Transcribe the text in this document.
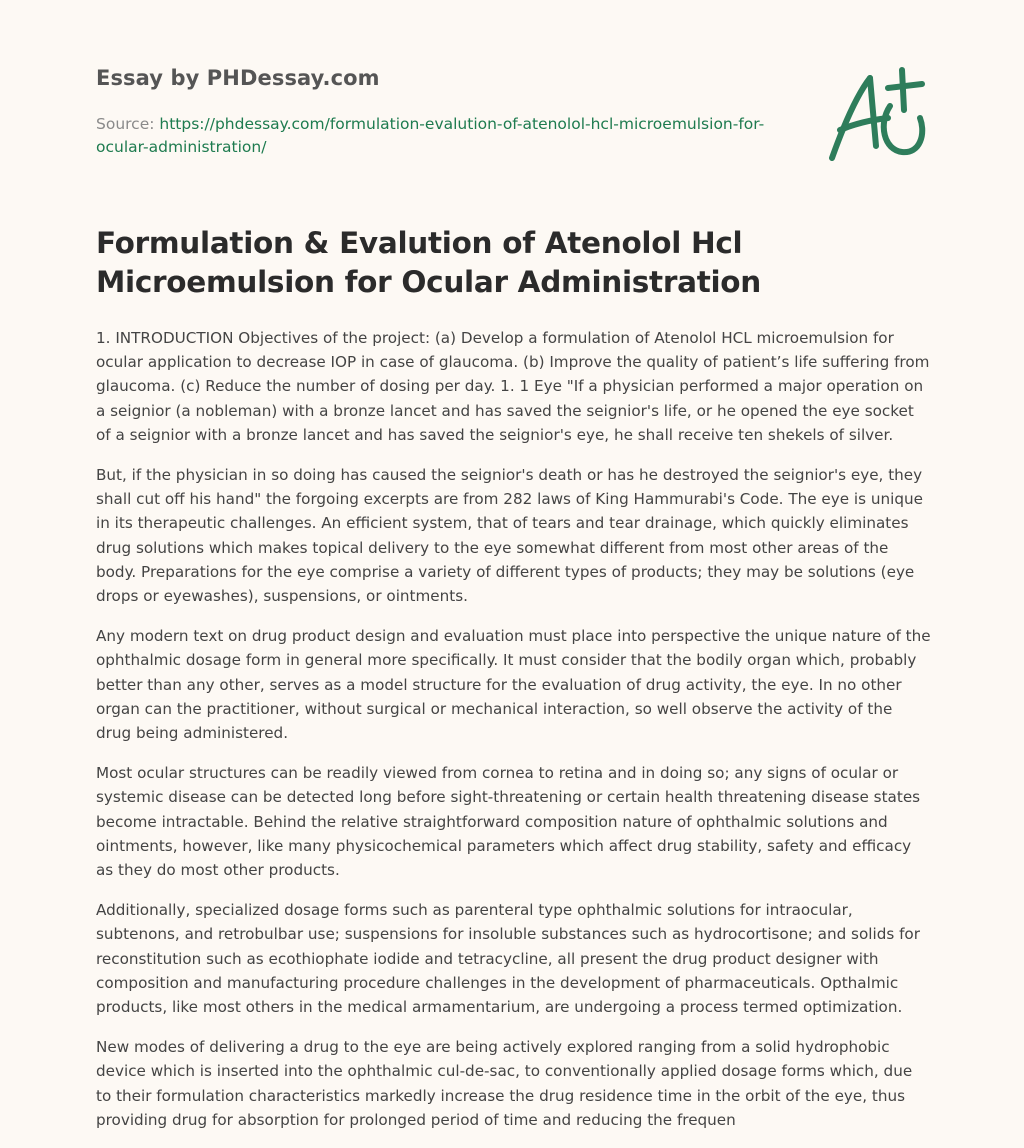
Essay by PHDessay.com
Source: https://phdessay.com/formulation-evalution-of-atenolol-hcl-microemulsion-for-ocular-administration/
Formulation & Evalution of Atenolol Hcl Microemulsion for Ocular Administration

1. INTRODUCTION Objectives of the project: (a) Develop a formulation of Atenolol HCL microemulsion for ocular application to decrease IOP in case of glaucoma. (b) Improve the quality of patient’s life suffering from glaucoma. (c) Reduce the number of dosing per day. 1. 1 Eye "If a physician performed a major operation on a seignior (a nobleman) with a bronze lancet and has saved the seignior's life, or he opened the eye socket of a seignior with a bronze lancet and has saved the seignior's eye, he shall receive ten shekels of silver.

But, if the physician in so doing has caused the seignior's death or has he destroyed the seignior's eye, they shall cut off his hand" the forgoing excerpts are from 282 laws of King Hammurabi's Code. The eye is unique in its therapeutic challenges. An efficient system, that of tears and tear drainage, which quickly eliminates drug solutions which makes topical delivery to the eye somewhat different from most other areas of the body. Preparations for the eye comprise a variety of different types of products; they may be solutions (eye drops or eyewashes), suspensions, or ointments.

Any modern text on drug product design and evaluation must place into perspective the unique nature of the ophthalmic dosage form in general more specifically. It must consider that the bodily organ which, probably better than any other, serves as a model structure for the evaluation of drug activity, the eye. In no other organ can the practitioner, without surgical or mechanical interaction, so well observe the activity of the drug being administered.

Most ocular structures can be readily viewed from cornea to retina and in doing so; any signs of ocular or systemic disease can be detected long before sight-threatening or certain health threatening disease states become intractable. Behind the relative straightforward composition nature of ophthalmic solutions and ointments, however, like many physicochemical parameters which affect drug stability, safety and efficacy as they do most other products.

Additionally, specialized dosage forms such as parenteral type ophthalmic solutions for intraocular, subtenons, and retrobulbar use; suspensions for insoluble substances such as hydrocortisone; and solids for reconstitution such as ecothiophate iodide and tetracycline, all present the drug product designer with composition and manufacturing procedure challenges in the development of pharmaceuticals. Opthalmic products, like most others in the medical armamentarium, are undergoing a process termed optimization.

New modes of delivering a drug to the eye are being actively explored ranging from a solid hydrophobic device which is inserted into the ophthalmic cul-de-sac, to conventionally applied dosage forms which, due to their formulation characteristics markedly increase the drug residence time in the orbit of the eye, thus providing drug for absorption for prolonged period of time and reducing the frequen
